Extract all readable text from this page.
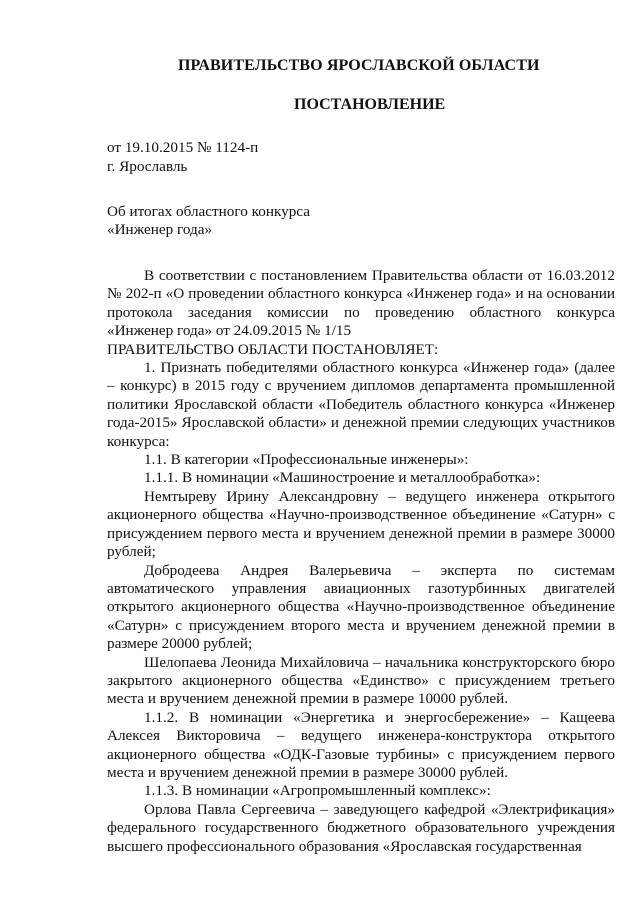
ПРАВИТЕЛЬСТВО ЯРОСЛАВСКОЙ ОБЛАСТИ
ПОСТАНОВЛЕНИЕ
от 19.10.2015 № 1124-п
г. Ярославль
Об итогах областного конкурса
«Инженер года»

В соответствии с постановлением Правительства области от 16.03.2012 № 202-п «О проведении областного конкурса «Инженер года» и на основании протокола заседания комиссии по проведению областного конкурса «Инженер года» от 24.09.2015 № 1/15

ПРАВИТЕЛЬСТВО ОБЛАСТИ ПОСТАНОВЛЯЕТ:

1. Признать победителями областного конкурса «Инженер года» (далее – конкурс) в 2015 году с вручением дипломов департамента промышленной политики Ярославской области «Победитель областного конкурса «Инженер года-2015» Ярославской области» и денежной премии следующих участников конкурса:

1.1. В категории «Профессиональные инженеры»:

1.1.1. В номинации «Машиностроение и металлообработка»:

Немтыреву Ирину Александровну – ведущего инженера открытого акционерного общества «Научно-производственное объединение «Сатурн» с присуждением первого места и вручением денежной премии в размере 30000 рублей;

Добродеева Андрея Валерьевича – эксперта по системам автоматического управления авиационных газотурбинных двигателей открытого акционерного общества «Научно-производственное объединение «Сатурн» с присуждением второго места и вручением денежной премии в размере 20000 рублей;

Шелопаева Леонида Михайловича – начальника конструкторского бюро закрытого акционерного общества «Единство» с присуждением третьего места и вручением денежной премии в размере 10000 рублей.

1.1.2. В номинации «Энергетика и энергосбережение» – Кащеева Алексея Викторовича – ведущего инженера-конструктора открытого акционерного общества «ОДК-Газовые турбины» с присуждением первого места и вручением денежной премии в размере 30000 рублей.

1.1.3. В номинации «Агропромышленный комплекс»:

Орлова Павла Сергеевича – заведующего кафедрой «Электрификация» федерального государственного бюджетного образовательного учреждения высшего профессионального образования «Ярославская государственная
